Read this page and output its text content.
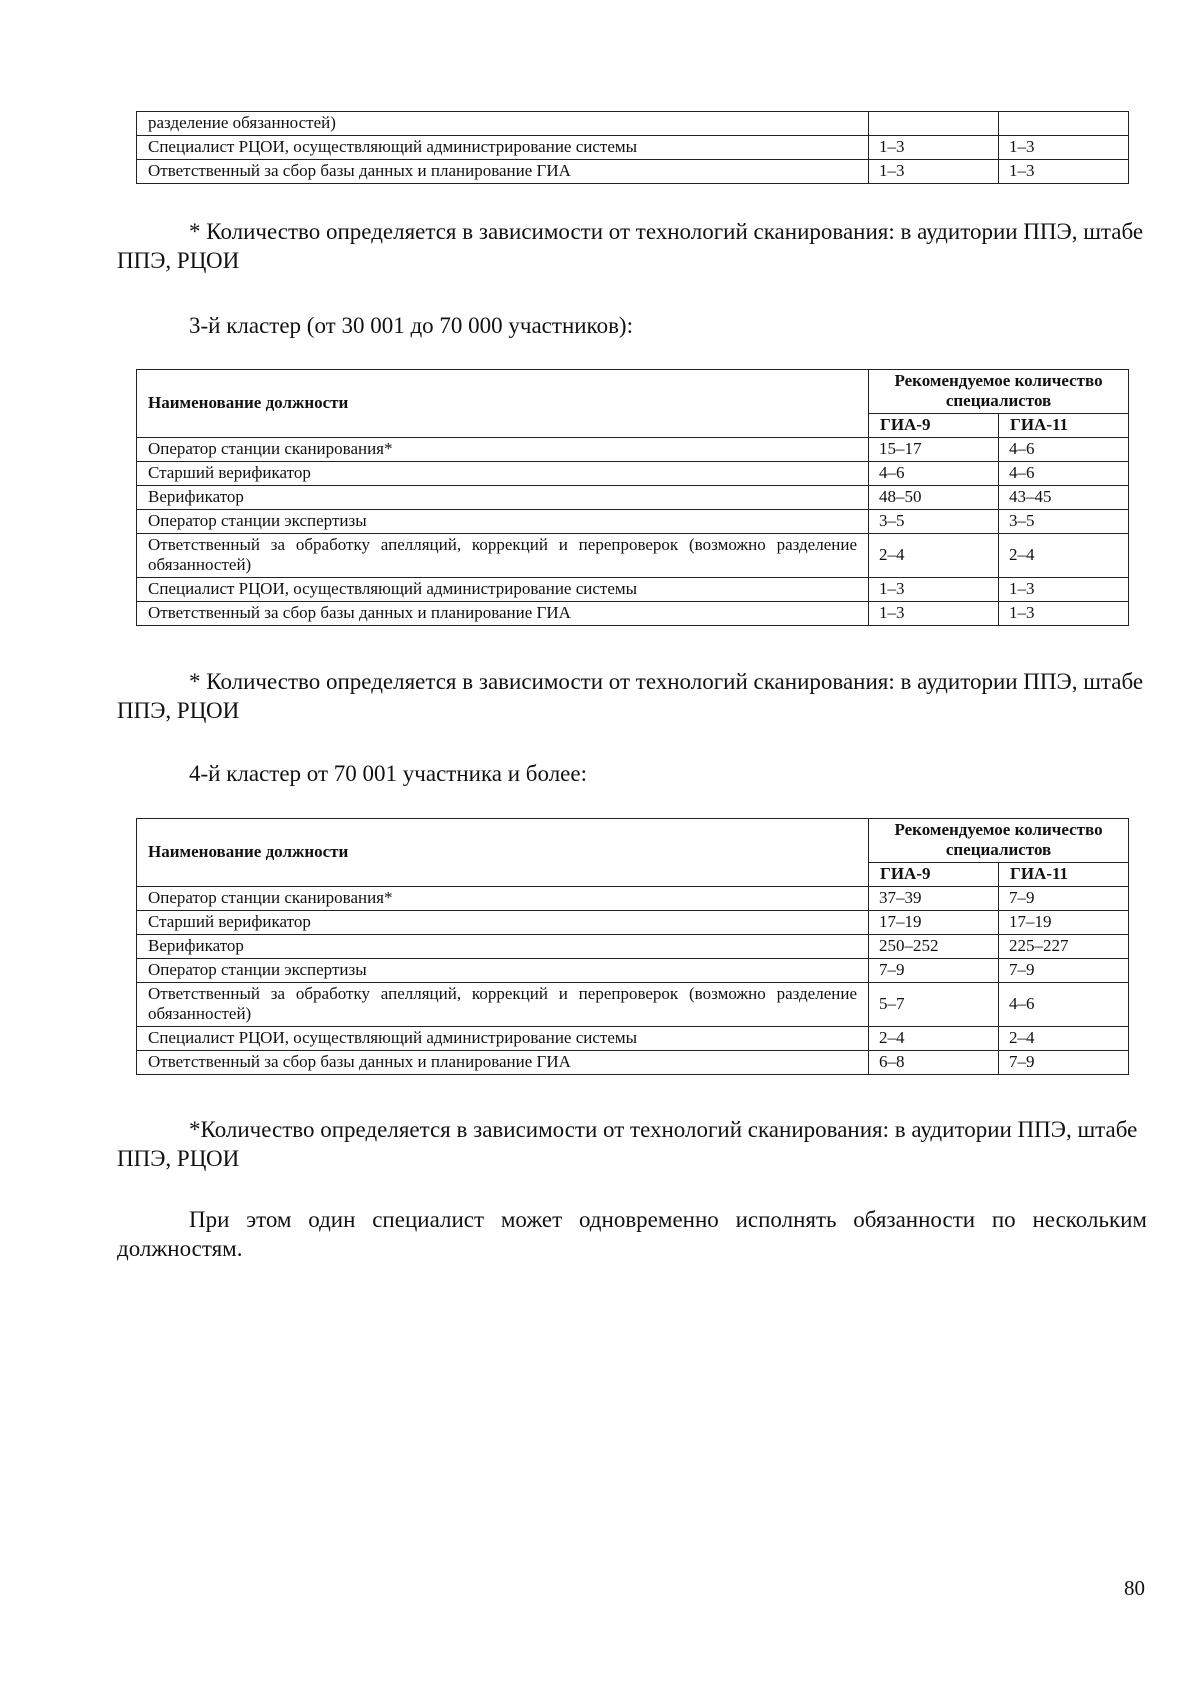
разделение обязанностей)		
Специалист РЦОИ, осуществляющий администрирование системы	1–3	1–3
Ответственный за сбор базы данных и планирование ГИА	1–3	1–3

* Количество определяется в зависимости от технологий сканирования: в аудитории ППЭ, штабе ППЭ, РЦОИ

3-й кластер (от 30 001 до 70 000 участников):

Наименование должности	Рекомендуемое количество специалистов	
	ГИА-9	ГИА-11
Оператор станции сканирования*	15–17	4–6
Старший верификатор	4–6	4–6
Верификатор	48–50	43–45
Оператор станции экспертизы	3–5	3–5
Ответственный за обработку апелляций, коррекций и перепроверок (возможно разделение обязанностей)	2–4	2–4
Специалист РЦОИ, осуществляющий администрирование системы	1–3	1–3
Ответственный за сбор базы данных и планирование ГИА	1–3	1–3

* Количество определяется в зависимости от технологий сканирования: в аудитории ППЭ, штабе ППЭ, РЦОИ

4-й кластер от 70 001 участника и более:

Наименование должности	Рекомендуемое количество специалистов	
	ГИА-9	ГИА-11
Оператор станции сканирования*	37–39	7–9
Старший верификатор	17–19	17–19
Верификатор	250–252	225–227
Оператор станции экспертизы	7–9	7–9
Ответственный за обработку апелляций, коррекций и перепроверок (возможно разделение обязанностей)	5–7	4–6
Специалист РЦОИ, осуществляющий администрирование системы	2–4	2–4
Ответственный за сбор базы данных и планирование ГИА	6–8	7–9

*Количество определяется в зависимости от технологий сканирования: в аудитории ППЭ, штабе ППЭ, РЦОИ

При этом один специалист может одновременно исполнять обязанности по нескольким должностям.

80
